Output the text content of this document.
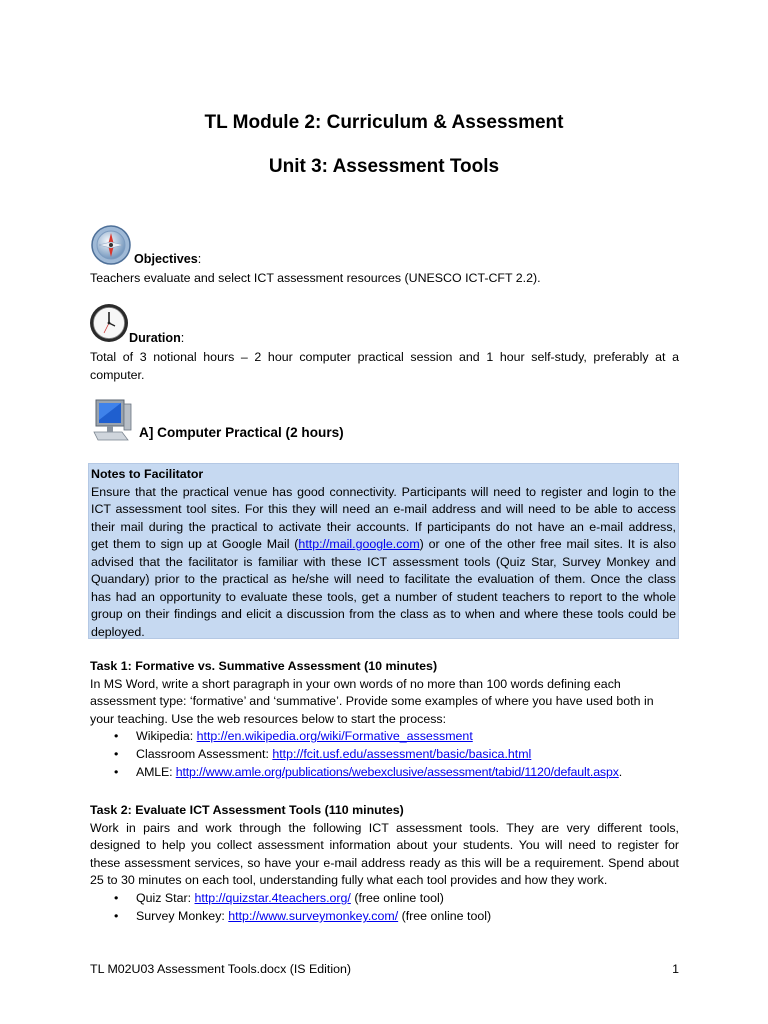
TL Module 2: Curriculum & Assessment
Unit 3: Assessment Tools
Objectives:
Teachers evaluate and select ICT assessment resources (UNESCO ICT-CFT 2.2).
Duration:
Total of 3 notional hours – 2 hour computer practical session and 1 hour self-study, preferably at a
computer.
A] Computer Practical (2 hours)
Notes to Facilitator
Ensure that the practical venue has good connectivity. Participants will need to register and login to the
ICT assessment tool sites. For this they will need an e-mail address and will need to be able to access
their mail during the practical to activate their accounts. If participants do not have an e-mail address,
get them to sign up at Google Mail (http://mail.google.com) or one of the other free mail sites. It is also
advised that the facilitator is familiar with these ICT assessment tools (Quiz Star, Survey Monkey and
Quandary) prior to the practical as he/she will need to facilitate the evaluation of them. Once the class
has had an opportunity to evaluate these tools, get a number of student teachers to report to the whole
group on their findings and elicit a discussion from the class as to when and where these tools could be
deployed.
Task 1: Formative vs. Summative Assessment (10 minutes)
In MS Word, write a short paragraph in your own words of no more than 100 words defining each
assessment type: ‘formative’ and ‘summative’. Provide some examples of where you have used both in
your teaching. Use the web resources below to start the process:
• Wikipedia: http://en.wikipedia.org/wiki/Formative_assessment
• Classroom Assessment: http://fcit.usf.edu/assessment/basic/basica.html
• AMLE: http://www.amle.org/publications/webexclusive/assessment/tabid/1120/default.aspx.
Task 2: Evaluate ICT Assessment Tools (110 minutes)
Work in pairs and work through the following ICT assessment tools. They are very different tools,
designed to help you collect assessment information about your students. You will need to register for
these assessment services, so have your e-mail address ready as this will be a requirement. Spend about
25 to 30 minutes on each tool, understanding fully what each tool provides and how they work.
• Quiz Star: http://quizstar.4teachers.org/ (free online tool)
• Survey Monkey: http://www.surveymonkey.com/ (free online tool)
TL M02U03 Assessment Tools.docx (IS Edition)	1
